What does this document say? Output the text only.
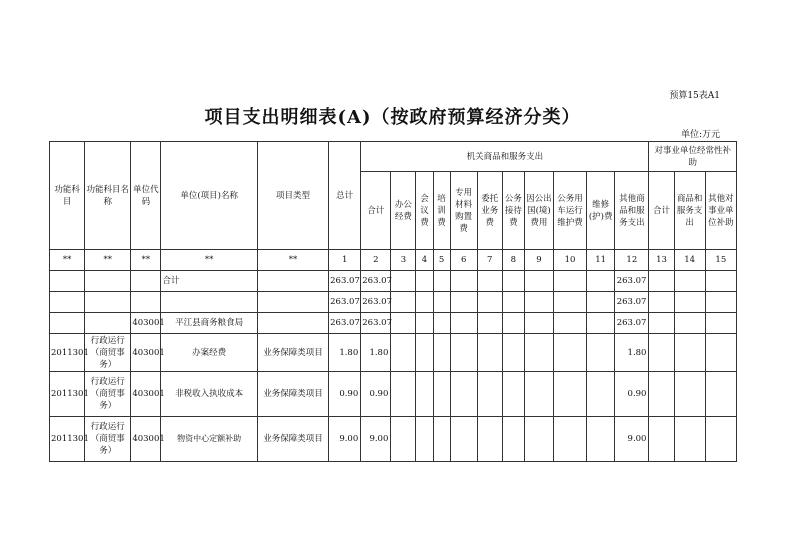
预算15表A1
项目支出明细表(A)（按政府预算经济分类）
单位:万元
功能科目	功能科目名称	单位代码	单位(项目)名称	项目类型	总计	机关商品和服务支出											对事业单位经常性补助		
						合计	办公经费	会议费	培训费	专用材料购置费	委托业务费	公务接待费	因公出国(境)费用	公务用车运行维护费	维修(护)费	其他商品和服务支出	合计	商品和服务支出	其他对事业单位补助
**	**	**	**	**	1	2	3	4	5	6	7	8	9	10	11	12	13	14	15
			合计		263.07	263.07										263.07			
					263.07	263.07										263.07			
		403001	平江县商务粮食局		263.07	263.07										263.07			
2011301	行政运行（商贸事务）	403001	办案经费	业务保障类项目	1.80	1.80										1.80			
2011301	行政运行（商贸事务）	403001	非税收入执收成本	业务保障类项目	0.90	0.90										0.90			
2011301	行政运行（商贸事务）	403001	物资中心定额补助	业务保障类项目	9.00	9.00										9.00			
